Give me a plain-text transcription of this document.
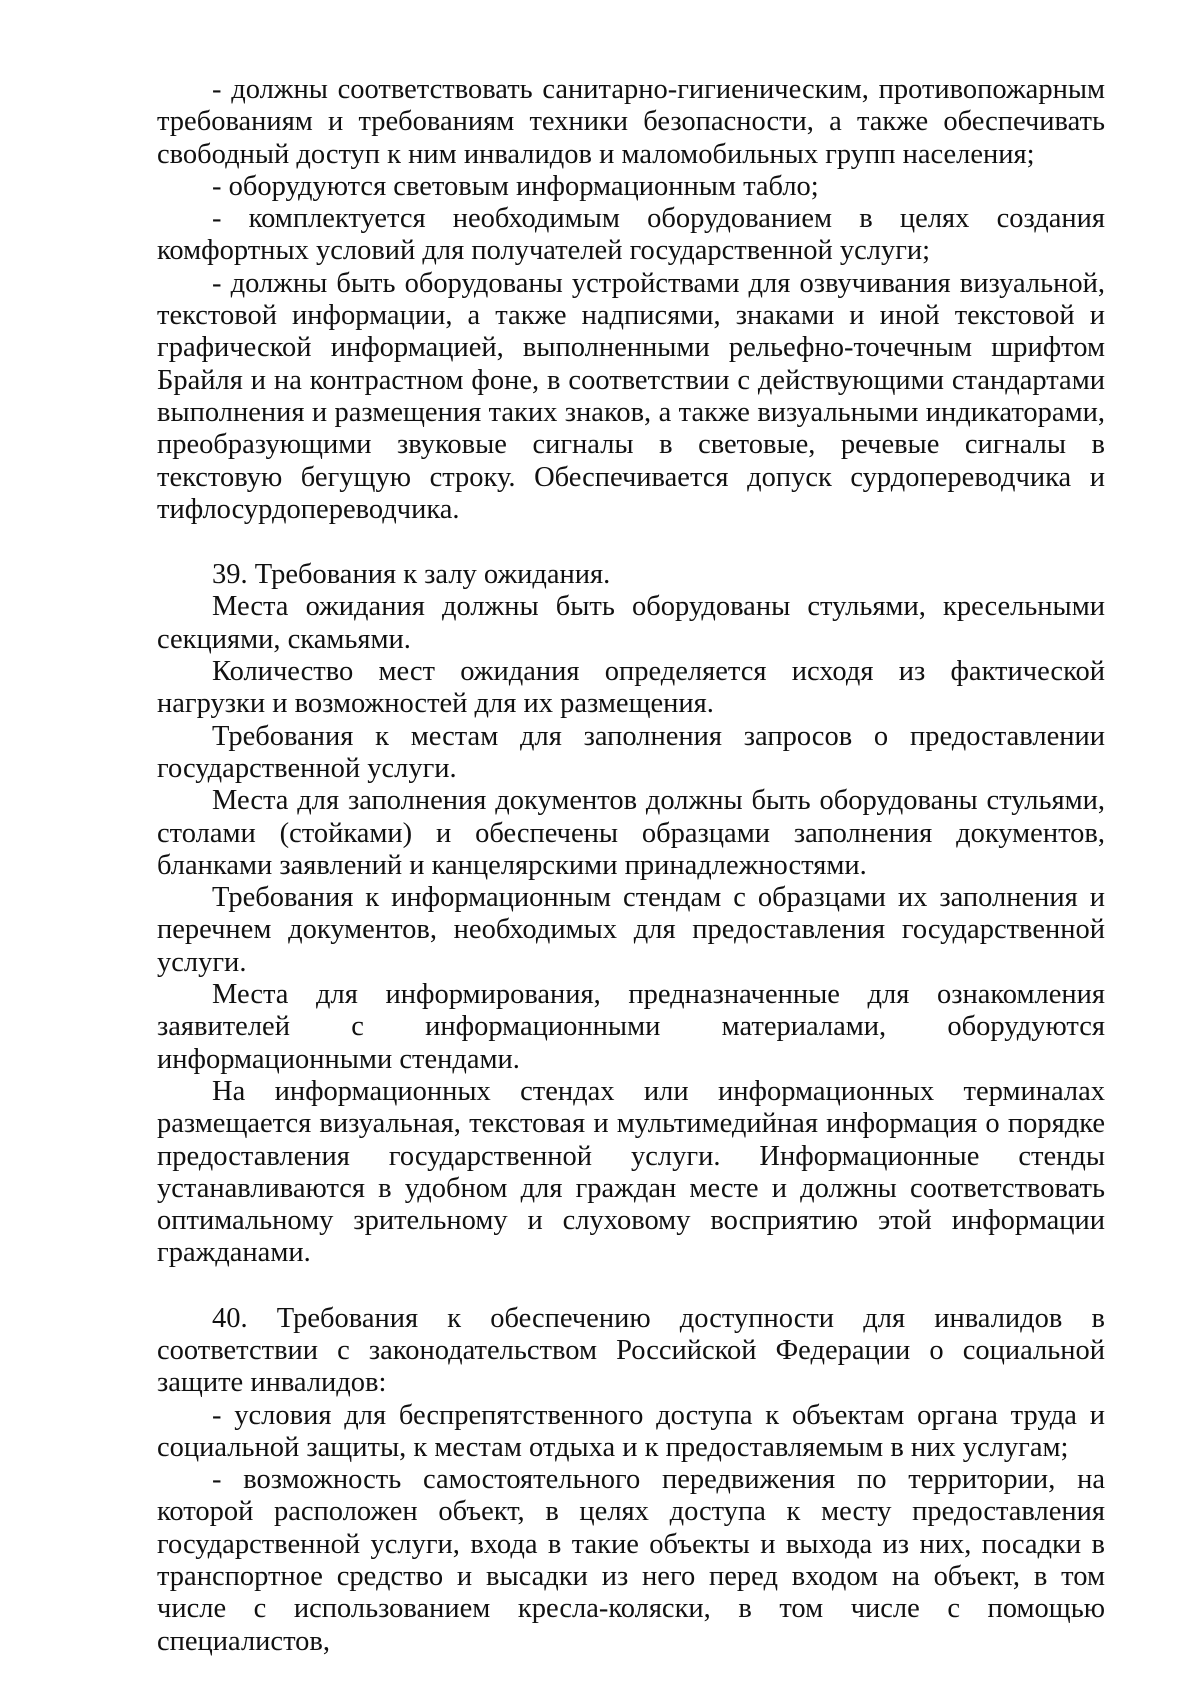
- должны соответствовать санитарно-гигиеническим, противопожарным требованиям и требованиям техники безопасности, а также обеспечивать свободный доступ к ним инвалидов и маломобильных групп населения;

- оборудуются световым информационным табло;

- комплектуется необходимым оборудованием в целях создания комфортных условий для получателей государственной услуги;

- должны быть оборудованы устройствами для озвучивания визуальной, текстовой информации, а также надписями, знаками и иной текстовой и графической информацией, выполненными рельефно-точечным шрифтом Брайля и на контрастном фоне, в соответствии с действующими стандартами выполнения и размещения таких знаков, а также визуальными индикаторами, преобразующими звуковые сигналы в световые, речевые сигналы в текстовую бегущую строку. Обеспечивается допуск сурдопереводчика и тифлосурдопереводчика.

39. Требования к залу ожидания.

Места ожидания должны быть оборудованы стульями, кресельными секциями, скамьями.

Количество мест ожидания определяется исходя из фактической нагрузки и возможностей для их размещения.

Требования к местам для заполнения запросов о предоставлении государственной услуги.

Места для заполнения документов должны быть оборудованы стульями, столами (стойками) и обеспечены образцами заполнения документов, бланками заявлений и канцелярскими принадлежностями.

Требования к информационным стендам с образцами их заполнения и перечнем документов, необходимых для предоставления государственной услуги.

Места для информирования, предназначенные для ознакомления заявителей с информационными материалами, оборудуются информационными стендами.

На информационных стендах или информационных терминалах размещается визуальная, текстовая и мультимедийная информация о порядке предоставления государственной услуги. Информационные стенды устанавливаются в удобном для граждан месте и должны соответствовать оптимальному зрительному и слуховому восприятию этой информации гражданами.

40. Требования к обеспечению доступности для инвалидов в соответствии с законодательством Российской Федерации о социальной защите инвалидов:

- условия для беспрепятственного доступа к объектам органа труда и социальной защиты, к местам отдыха и к предоставляемым в них услугам;

- возможность самостоятельного передвижения по территории, на которой расположен объект, в целях доступа к месту предоставления государственной услуги, входа в такие объекты и выхода из них, посадки в транспортное средство и высадки из него перед входом на объект, в том числе с использованием кресла-коляски, в том числе с помощью специалистов,
